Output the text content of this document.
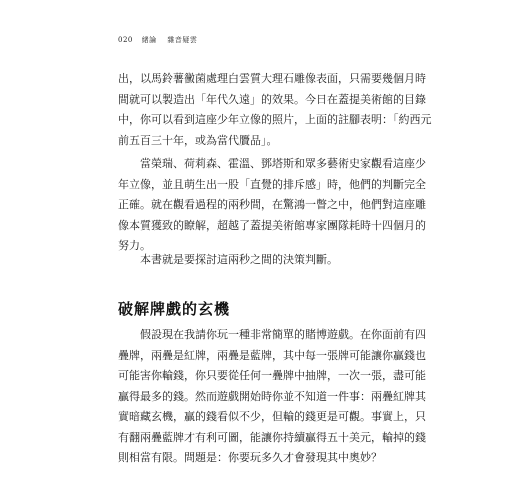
020 緒論 雜音疑雲

出，以馬鈴薯黴菌處理白雲質大理石雕像表面，只需要幾個月時
間就可以製造出「年代久遠」的效果。今日在蓋提美術館的目錄
中，你可以看到這座少年立像的照片，上面的註腳表明：「約西元
前五百三十年，或為當代贗品」。

當榮瑞、荷莉森、霍溫、鄧塔斯和眾多藝術史家觀看這座少
年立像，並且萌生出一股「直覺的排斥感」時，他們的判斷完全
正確。就在觀看過程的兩秒間，在驚鴻一瞥之中，他們對這座雕
像本質獲致的瞭解，超越了蓋提美術館專家團隊耗時十四個月的
努力。

本書就是要探討這兩秒之間的決策判斷。

破解牌戲的玄機

假設現在我請你玩一種非常簡單的賭博遊戲。在你面前有四
疊牌，兩疊是紅牌，兩疊是藍牌，其中每一張牌可能讓你贏錢也
可能害你輸錢，你只要從任何一疊牌中抽牌，一次一張，盡可能
贏得最多的錢。然而遊戲開始時你並不知道一件事：兩疊紅牌其
實暗藏玄機，贏的錢看似不少，但輸的錢更是可觀。事實上，只
有翻兩疊藍牌才有利可圖，能讓你持續贏得五十美元，輸掉的錢
則相當有限。問題是：你要玩多久才會發現其中奧妙？
